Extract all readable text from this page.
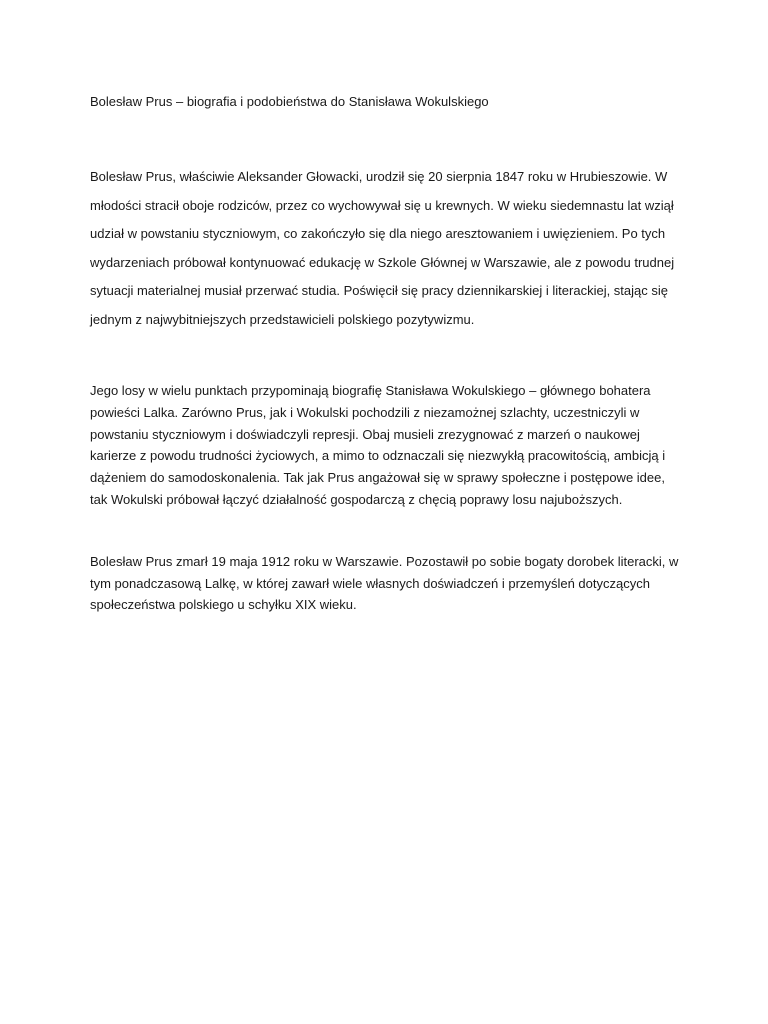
Bolesław Prus – biografia i podobieństwa do Stanisława Wokulskiego

Bolesław Prus, właściwie Aleksander Głowacki, urodził się 20 sierpnia 1847 roku w Hrubieszowie. W młodości stracił oboje rodziców, przez co wychowywał się u krewnych. W wieku siedemnastu lat wziął udział w powstaniu styczniowym, co zakończyło się dla niego aresztowaniem i uwięzieniem. Po tych wydarzeniach próbował kontynuować edukację w Szkole Głównej w Warszawie, ale z powodu trudnej sytuacji materialnej musiał przerwać studia. Poświęcił się pracy dziennikarskiej i literackiej, stając się jednym z najwybitniejszych przedstawicieli polskiego pozytywizmu.

Jego losy w wielu punktach przypominają biografię Stanisława Wokulskiego – głównego bohatera powieści Lalka. Zarówno Prus, jak i Wokulski pochodzili z niezamożnej szlachty, uczestniczyli w powstaniu styczniowym i doświadczyli represji. Obaj musieli zrezygnować z marzeń o naukowej karierze z powodu trudności życiowych, a mimo to odznaczali się niezwykłą pracowitością, ambicją i dążeniem do samodoskonalenia. Tak jak Prus angażował się w sprawy społeczne i postępowe idee, tak Wokulski próbował łączyć działalność gospodarczą z chęcią poprawy losu najuboższych.

Bolesław Prus zmarł 19 maja 1912 roku w Warszawie. Pozostawił po sobie bogaty dorobek literacki, w tym ponadczasową Lalkę, w której zawarł wiele własnych doświadczeń i przemyśleń dotyczących społeczeństwa polskiego u schyłku XIX wieku.
